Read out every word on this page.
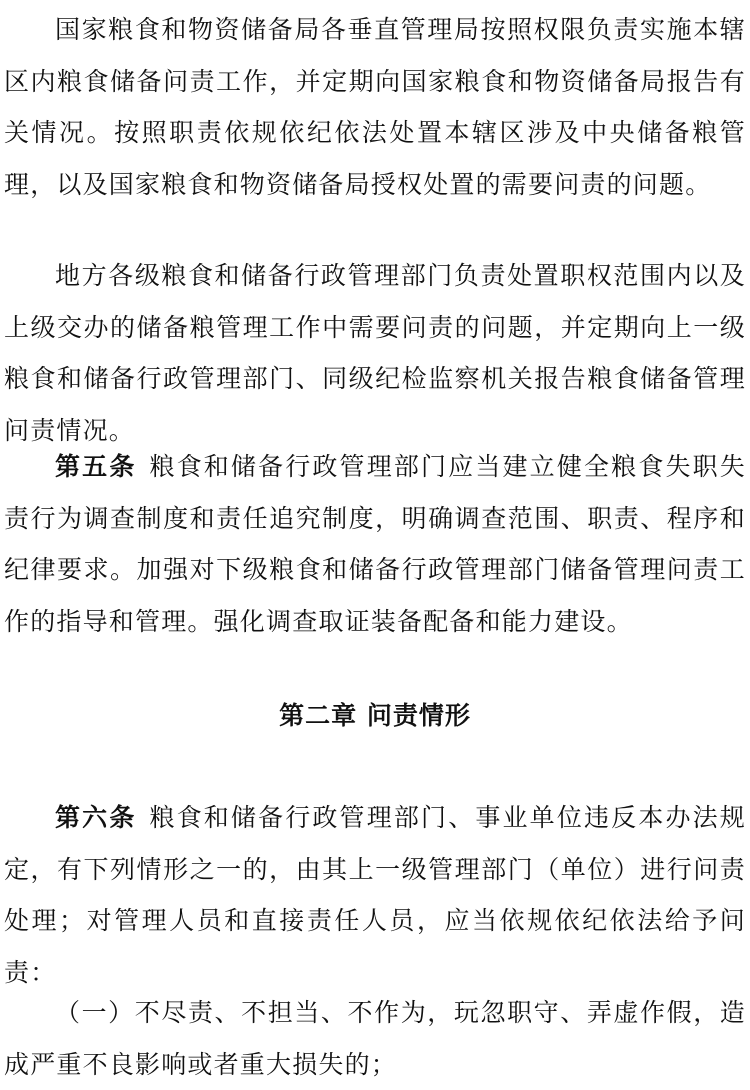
国家粮食和物资储备局各垂直管理局按照权限负责实施本辖区内粮食储备问责工作，并定期向国家粮食和物资储备局报告有关情况。按照职责依规依纪依法处置本辖区涉及中央储备粮管理，以及国家粮食和物资储备局授权处置的需要问责的问题。

地方各级粮食和储备行政管理部门负责处置职权范围内以及上级交办的储备粮管理工作中需要问责的问题，并定期向上一级粮食和储备行政管理部门、同级纪检监察机关报告粮食储备管理问责情况。

第五条 粮食和储备行政管理部门应当建立健全粮食失职失责行为调查制度和责任追究制度，明确调查范围、职责、程序和纪律要求。加强对下级粮食和储备行政管理部门储备管理问责工作的指导和管理。强化调查取证装备配备和能力建设。

第二章 问责情形

第六条 粮食和储备行政管理部门、事业单位违反本办法规定，有下列情形之一的，由其上一级管理部门（单位）进行问责处理；对管理人员和直接责任人员，应当依规依纪依法给予问责：

（一）不尽责、不担当、不作为，玩忽职守、弄虚作假，造成严重不良影响或者重大损失的；
